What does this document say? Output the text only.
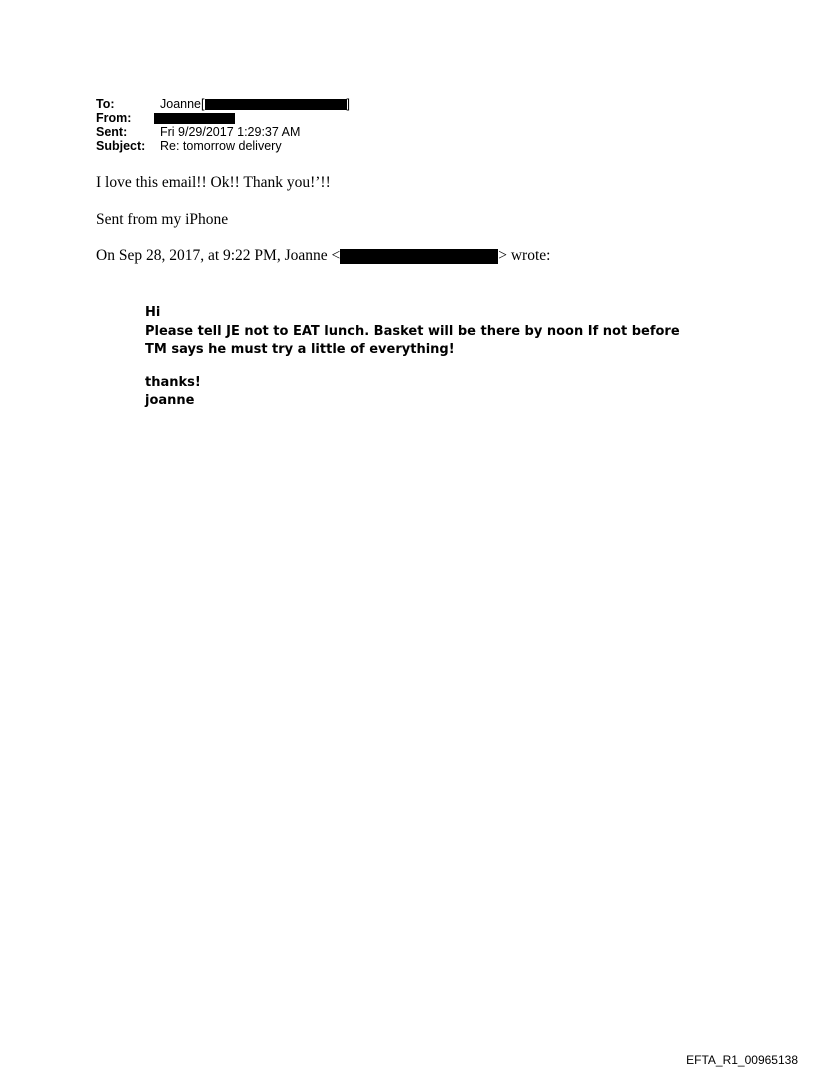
To:	Joanne [	]
From:
Sent:	Fri 9/29/2017 1:29:37 AM
Subject:	Re: tomorrow delivery
I love this email!! Ok!! Thank you!’!!
Sent from my iPhone
On Sep 28, 2017, at 9:22 PM, Joanne <	> wrote:
Hi
Please tell JE not to EAT lunch. Basket will be there by noon If not before
TM says he must try a little of everything!
thanks!
joanne
EFTA_R1_00965138
